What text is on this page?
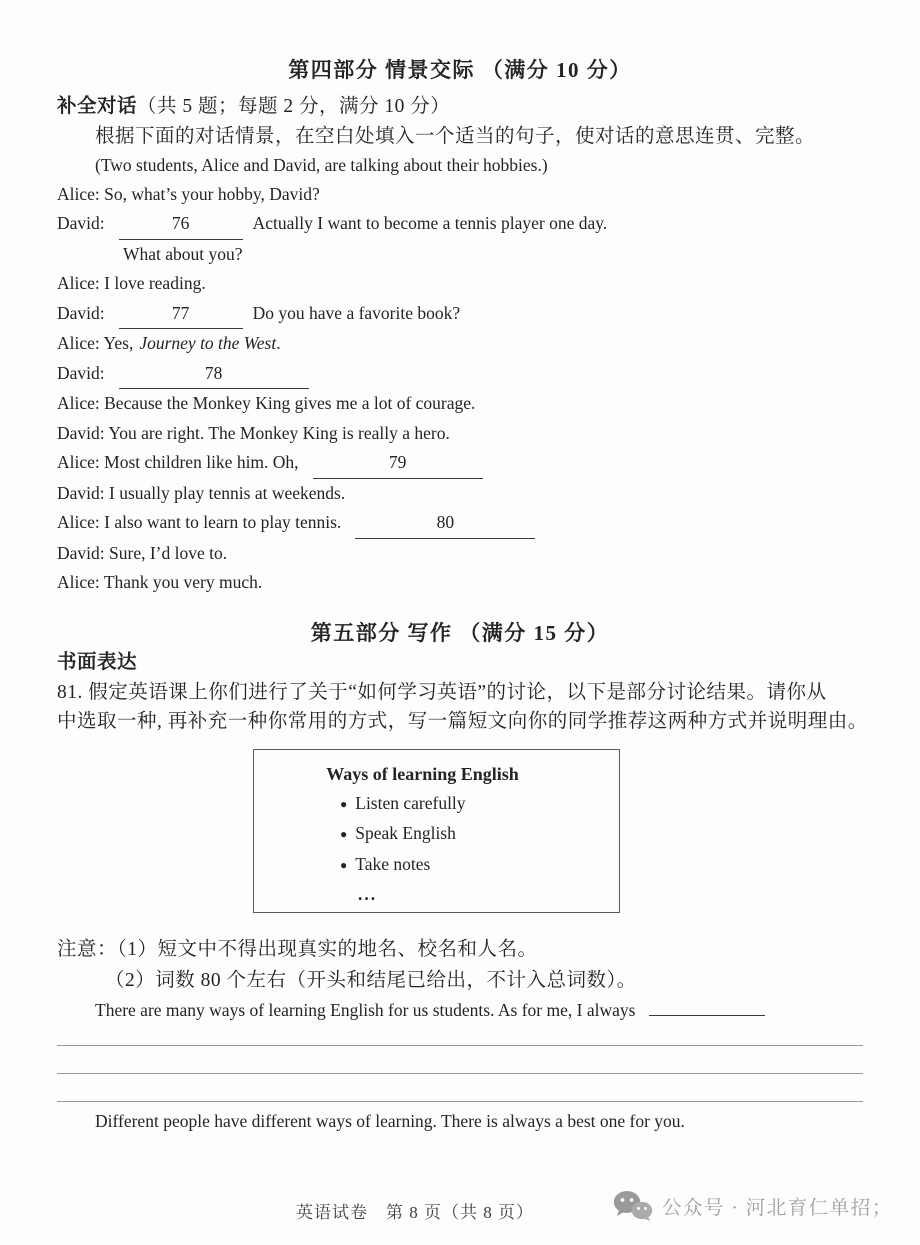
第四部分 情景交际 （满分 10 分）
补全对话（共 5 题；每题 2 分，满分 10 分）
根据下面的对话情景，在空白处填入一个适当的句子，使对话的意思连贯、完整。
(Two students, Alice and David, are talking about their hobbies.)
Alice: So, what’s your hobby, David?
David:	76	Actually I want to become a tennis player one day.
What about you?
Alice: I love reading.
David:	77	Do you have a favorite book?
Alice: Yes, Journey to the West.
David:	78
Alice: Because the Monkey King gives me a lot of courage.
David: You are right. The Monkey King is really a hero.
Alice: Most children like him. Oh,	79
David: I usually play tennis at weekends.
Alice: I also want to learn to play tennis.	80
David: Sure, I’d love to.
Alice: Thank you very much.
第五部分 写作 （满分 15 分）
书面表达
81. 假定英语课上你们进行了关于“如何学习英语”的讨论，以下是部分讨论结果。请你从
中选取一种, 再补充一种你常用的方式，写一篇短文向你的同学推荐这两种方式并说明理由。
Ways of learning English
● Listen carefully
● Speak English
● Take notes
...
注意：（1）短文中不得出现真实的地名、校名和人名。
（2）词数 80 个左右（开头和结尾已给出，不计入总词数）。
There are many ways of learning English for us students. As for me, I always
Different people have different ways of learning. There is always a best one for you.
英语试卷　第 8 页（共 8 页）	公众号 · 河北育仁单招 ；
